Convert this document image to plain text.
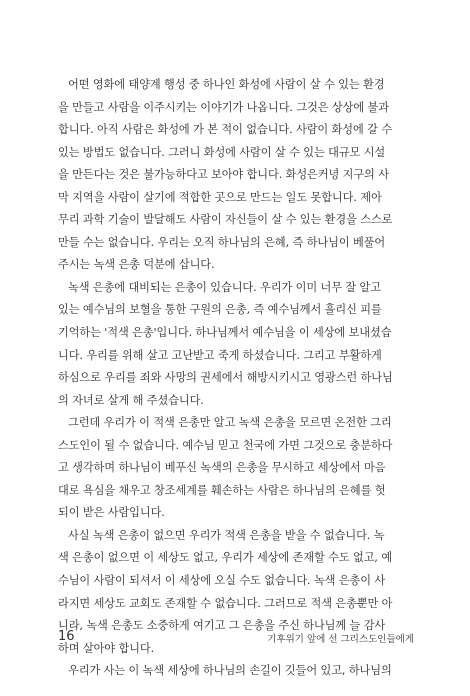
어떤 영화에 태양계 행성 중 하나인 화성에 사람이 살 수 있는 환경
을 만들고 사람을 이주시키는 이야기가 나옵니다. 그것은 상상에 불과
합니다. 아직 사람은 화성에 가 본 적이 없습니다. 사람이 화성에 갈 수
있는 방법도 없습니다. 그러니 화성에 사람이 살 수 있는 대규모 시설
을 만든다는 것은 불가능하다고 보아야 합니다. 화성은커녕 지구의 사
막 지역을 사람이 살기에 적합한 곳으로 만드는 일도 못합니다. 제아
무리 과학 기술이 발달해도 사람이 자신들이 살 수 있는 환경을 스스로
만들 수는 없습니다. 우리는 오직 하나님의 은혜, 즉 하나님이 베풀어
주시는 녹색 은총 덕분에 삽니다.
녹색 은총에 대비되는 은총이 있습니다. 우리가 이미 너무 잘 알고
있는 예수님의 보혈을 통한 구원의 은총, 즉 예수님께서 흘리신 피를
기억하는 '적색 은총'입니다. 하나님께서 예수님을 이 세상에 보내셨습
니다. 우리를 위해 살고 고난받고 죽게 하셨습니다. 그리고 부활하게
하심으로 우리를 죄와 사망의 권세에서 해방시키시고 영광스런 하나님
의 자녀로 살게 해 주셨습니다.
그런데 우리가 이 적색 은총만 알고 녹색 은총을 모르면 온전한 그리
스도인이 될 수 없습니다. 예수님 믿고 천국에 가면 그것으로 충분하다
고 생각하며 하나님이 베푸신 녹색의 은총을 무시하고 세상에서 마음
대로 욕심을 채우고 창조세계를 훼손하는 사람은 하나님의 은혜를 헛
되이 받은 사람입니다.
사실 녹색 은총이 없으면 우리가 적색 은총을 받을 수 없습니다. 녹
색 은총이 없으면 이 세상도 없고, 우리가 세상에 존재할 수도 없고, 예
수님이 사람이 되셔서 이 세상에 오실 수도 없습니다. 녹색 은총이 사
라지면 세상도 교회도 존재할 수 없습니다. 그러므로 적색 은총뿐만 아
니라, 녹색 은총도 소중하게 여기고 그 은총을 주신 하나님께 늘 감사
하며 살아야 합니다.
우리가 사는 이 녹색 세상에 하나님의 손길이 깃들어 있고, 하나님의
16	기후위기 앞에 선 그리스도인들에게
